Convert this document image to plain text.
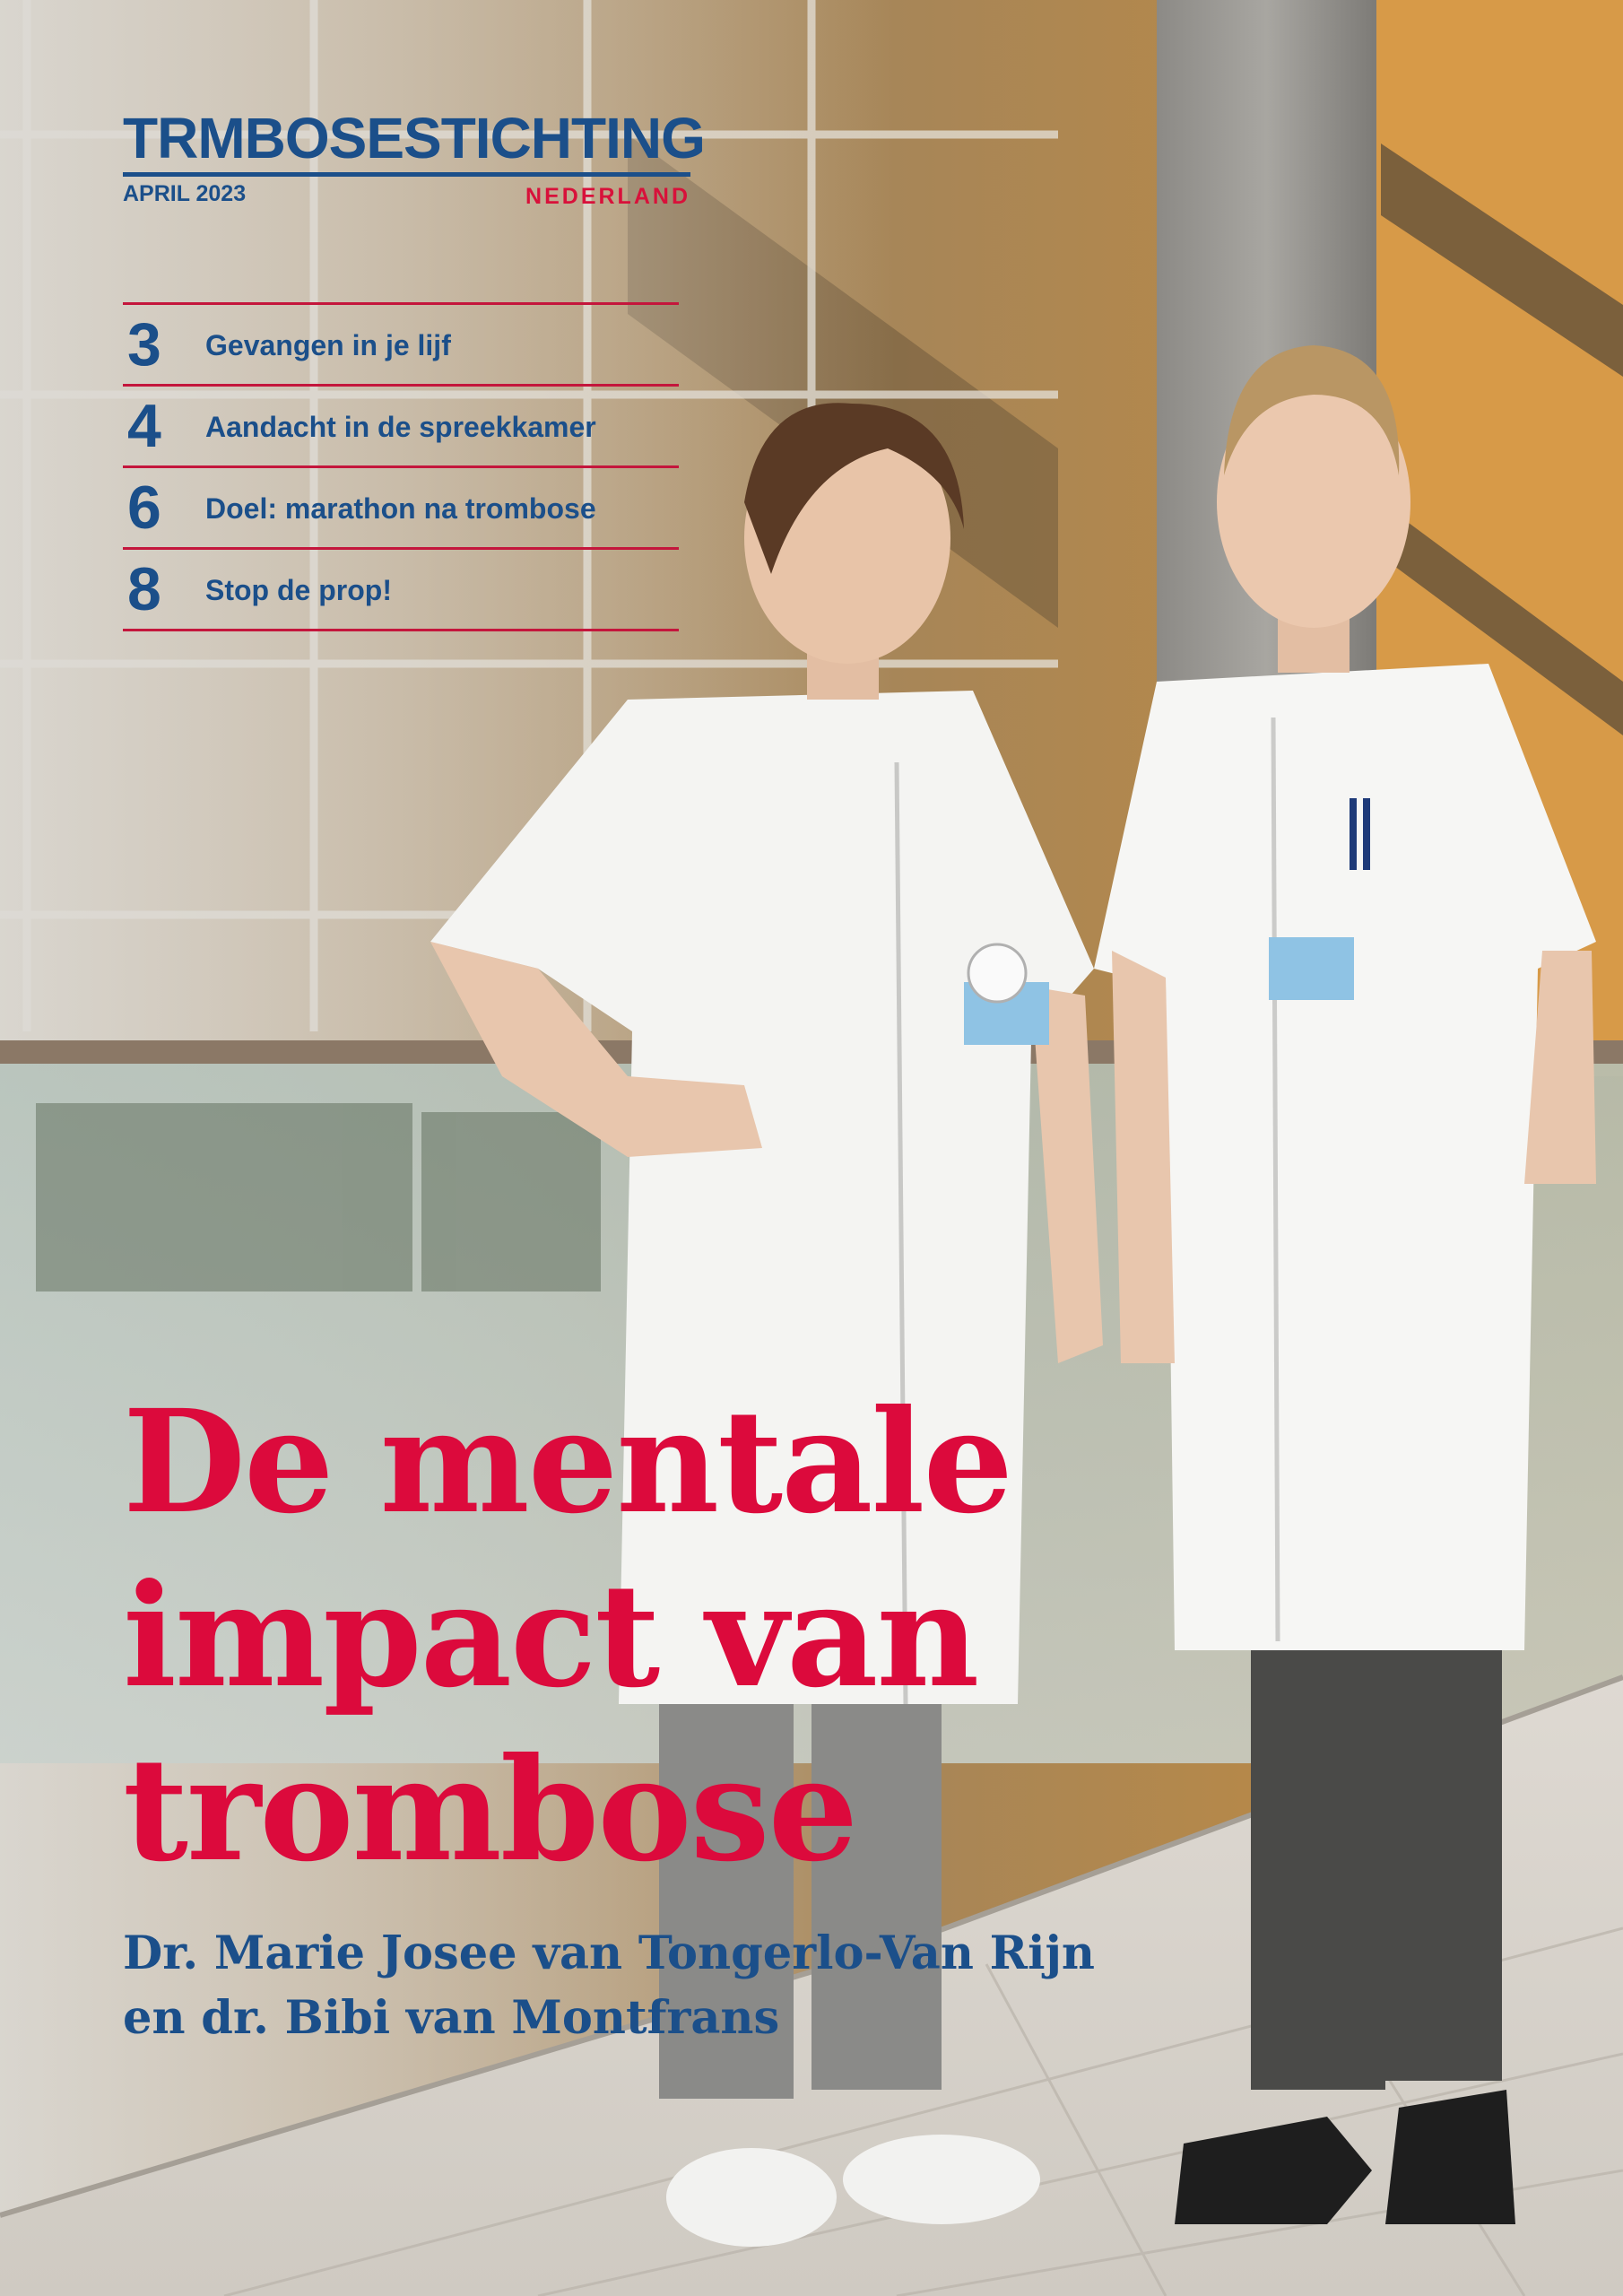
TR MBOSESTICHTING
APRIL 2023	NEDERLAND
3 Gevangen in je lijf
4 Aandacht in de spreekkamer
6 Doel: marathon na trombose
8 Stop de prop!
De mentale
impact van
trombose
Dr. Marie Josee van Tongerlo-Van Rijn
en dr. Bibi van Montfrans
